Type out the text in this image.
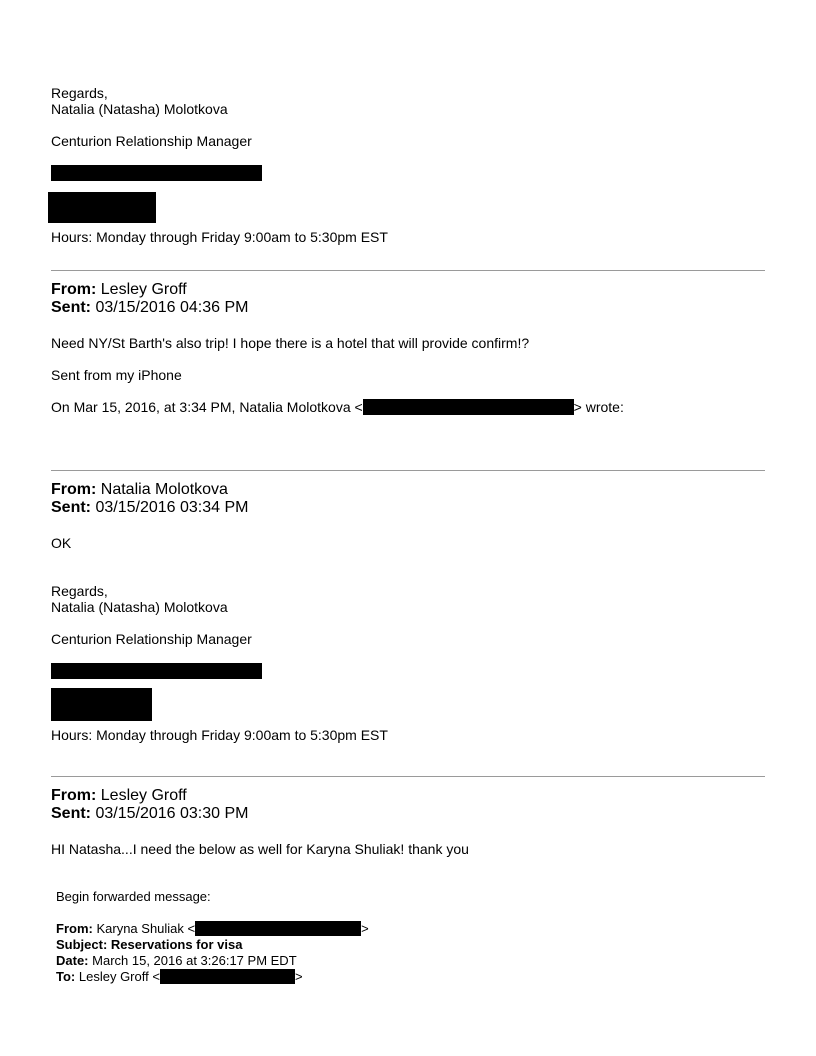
Regards,
Natalia (Natasha) Molotkova
Centurion Relationship Manager
Hours: Monday through Friday 9:00am to 5:30pm EST
From: Lesley Groff
Sent: 03/15/2016 04:36 PM
Need NY/St Barth's also trip! I hope there is a hotel that will provide confirm!?
Sent from my iPhone
On Mar 15, 2016, at 3:34 PM, Natalia Molotkova <	> wrote:
From: Natalia Molotkova
Sent: 03/15/2016 03:34 PM
OK
Regards,
Natalia (Natasha) Molotkova
Centurion Relationship Manager
Hours: Monday through Friday 9:00am to 5:30pm EST
From: Lesley Groff
Sent: 03/15/2016 03:30 PM
HI Natasha...I need the below as well for Karyna Shuliak! thank you
Begin forwarded message:
From: Karyna Shuliak <	>
Subject: Reservations for visa
Date: March 15, 2016 at 3:26:17 PM EDT
To: Lesley Groff <	>
